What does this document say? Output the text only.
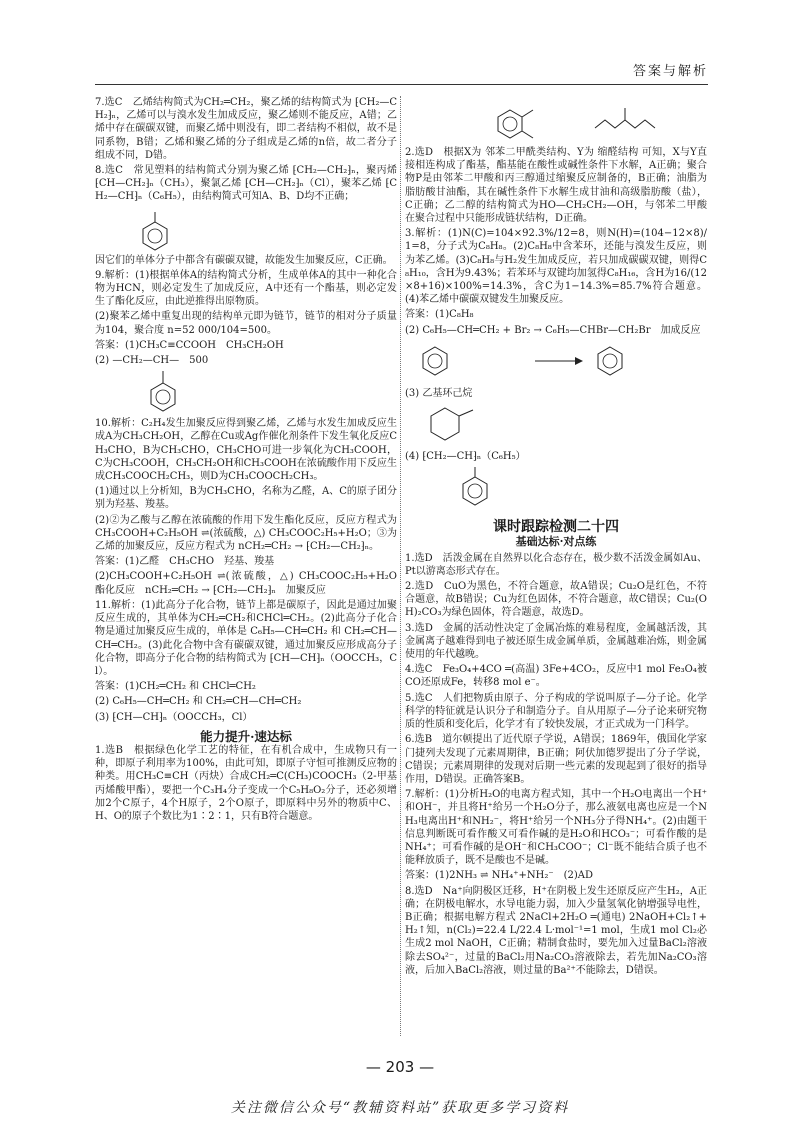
答案与解析

7.选C　乙烯结构简式为CH₂═CH₂，聚乙烯的结构简式为 ⁅CH₂—CH₂⁆ₙ，乙烯可以与溴水发生加成反应，聚乙烯则不能反应，A错；乙烯中存在碳碳双键，而聚乙烯中则没有，即二者结构不相似，故不是同系物，B错；乙烯和聚乙烯的分子组成是乙烯的n倍，故二者分子组成不同，D错。

8.选C　常见塑料的结构简式分别为聚乙烯 ⁅CH₂—CH₂⁆ₙ，聚丙烯 ⁅CH—CH₂⁆ₙ（CH₃），聚氯乙烯 ⁅CH—CH₂⁆ₙ（Cl），聚苯乙烯 ⁅CH₂—CH⁆ₙ（C₆H₅），由结构简式可知A、B、D均不正确；

因它们的单体分子中都含有碳碳双键，故能发生加聚反应，C正确。

9.解析：(1)根据单体A的结构简式分析，生成单体A的其中一种化合物为HCN，则必定发生了加成反应，A中还有一个酯基，则必定发生了酯化反应，由此逆推得出原物质。

(2)聚苯乙烯中重复出现的结构单元即为链节，链节的相对分子质量为104，聚合度 n=52 000/104=500。

答案：(1)CH₃C≡CCOOH　CH₃CH₂OH

(2) —CH₂—CH—　500

10.解析：C₂H₄发生加聚反应得到聚乙烯，乙烯与水发生加成反应生成A为CH₃CH₂OH，乙醇在Cu或Ag作催化剂条件下发生氧化反应CH₃CHO，B为CH₃CHO，CH₃CHO可进一步氧化为CH₃COOH，C为CH₃COOH，CH₃CH₂OH和CH₃COOH在浓硫酸作用下反应生成CH₃COOCH₂CH₃，则D为CH₃COOCH₂CH₃。

(1)通过以上分析知，B为CH₃CHO，名称为乙醛，A、C的原子团分别为羟基、羧基。

(2)②为乙酸与乙醇在浓硫酸的作用下发生酯化反应，反应方程式为 CH₃COOH+C₂H₅OH ⇌(浓硫酸，△) CH₃COOC₂H₅+H₂O；③为乙烯的加聚反应，反应方程式为 nCH₂═CH₂ → ⁅CH₂—CH₂⁆ₙ。

答案：(1)乙醛　CH₃CHO　羟基、羧基

(2)CH₃COOH+C₂H₅OH ⇌(浓硫酸，△) CH₃COOC₂H₅+H₂O　酯化反应　nCH₂═CH₂ → ⁅CH₂—CH₂⁆ₙ　加聚反应

11.解析：(1)此高分子化合物，链节上都是碳原子，因此是通过加聚反应生成的，其单体为CH₂═CH₂和CHCl═CH₂。(2)此高分子化合物是通过加聚反应生成的，单体是 C₆H₅—CH═CH₂ 和 CH₂═CH—CH═CH₂。(3)此化合物中含有碳碳双键，通过加聚反应形成高分子化合物，即高分子化合物的结构简式为 ⁅CH—CH⁆ₙ（OOCCH₃，Cl）。

答案：(1)CH₂═CH₂ 和 CHCl═CH₂

(2) C₆H₅—CH═CH₂ 和 CH₂═CH—CH═CH₂

(3) ⁅CH—CH⁆ₙ（OOCCH₃，Cl）

能力提升·速达标

1.选B　根据绿色化学工艺的特征，在有机合成中，生成物只有一种，即原子利用率为100%，由此可知，即原子守恒可推测反应物的种类。用CH₃C≡CH（丙炔）合成CH₂═C(CH₃)COOCH₃（2-甲基丙烯酸甲酯），要把一个C₃H₄分子变成一个C₅H₈O₂分子，还必须增加2个C原子，4个H原子，2个O原子，即原料中另外的物质中C、H、O的原子个数比为1∶2∶1，只有B符合题意。

2.选D　根据X为 邻苯二甲酰类结构、Y为 缩醛结构 可知，X与Y直接相连构成了酯基，酯基能在酸性或碱性条件下水解，A正确；聚合物P是由邻苯二甲酸和丙三醇通过缩聚反应制备的，B正确；油脂为脂肪酸甘油酯，其在碱性条件下水解生成甘油和高级脂肪酸（盐），C正确；乙二醇的结构简式为HO—CH₂CH₂—OH，与邻苯二甲酸在聚合过程中只能形成链状结构，D正确。

3.解析：(1)N(C)=104×92.3%/12=8，则N(H)=(104−12×8)/1=8，分子式为C₈H₈。(2)C₈H₈中含苯环，还能与溴发生反应，则为苯乙烯。(3)C₈H₈与H₂发生加成反应，若只加成碳碳双键，则得C₈H₁₀，含H为9.43%；若苯环与双键均加氢得C₈H₁₆，含H为16/(12×8+16)×100%=14.3%，含C为1−14.3%=85.7%符合题意。(4)苯乙烯中碳碳双键发生加聚反应。

答案：(1)C₈H₈

(2) C₆H₅—CH═CH₂ + Br₂ → C₆H₅—CHBr—CH₂Br　加成反应

(3) 乙基环己烷

(4) ⁅CH₂—CH⁆ₙ（C₆H₅）

课时跟踪检测二十四
基础达标·对点练

1.选D　活泼金属在自然界以化合态存在，极少数不活泼金属如Au、Pt以游离态形式存在。

2.选D　CuO为黑色，不符合题意，故A错误；Cu₂O是红色，不符合题意，故B错误；Cu为红色固体，不符合题意，故C错误；Cu₂(OH)₂CO₃为绿色固体，符合题意，故选D。

3.选D　金属的活动性决定了金属冶炼的难易程度，金属越活泼，其金属离子越难得到电子被还原生成金属单质，金属越难冶炼，则金属使用的年代越晚。

4.选C　Fe₃O₄+4CO ═(高温) 3Fe+4CO₂，反应中1 mol Fe₃O₄被CO还原成Fe，转移8 mol e⁻。

5.选C　人们把物质由原子、分子构成的学说叫原子—分子论。化学科学的特征就是认识分子和制造分子。自从用原子—分子论来研究物质的性质和变化后，化学才有了较快发展，才正式成为一门科学。

6.选B　道尔顿提出了近代原子学说，A错误；1869年，俄国化学家门捷列夫发现了元素周期律，B正确；阿伏加德罗提出了分子学说，C错误；元素周期律的发现对后期一些元素的发现起到了很好的指导作用，D错误。正确答案B。

7.解析：(1)分析H₂O的电离方程式知，其中一个H₂O电离出一个H⁺和OH⁻，并且将H⁺给另一个H₂O分子，那么液氨电离也应是一个NH₃电离出H⁺和NH₂⁻，将H⁺给另一个NH₃分子得NH₄⁺。(2)由题干信息判断既可看作酸又可看作碱的是H₂O和HCO₃⁻；可看作酸的是NH₄⁺；可看作碱的是OH⁻和CH₃COO⁻；Cl⁻既不能结合质子也不能释放质子，既不是酸也不是碱。

答案：(1)2NH₃ ⇌ NH₄⁺+NH₂⁻　(2)AD

8.选D　Na⁺向阴极区迁移，H⁺在阴极上发生还原反应产生H₂，A正确；在阴极电解水，水导电能力弱，加入少量氢氧化钠增强导电性，B正确；根据电解方程式 2NaCl+2H₂O ═(通电) 2NaOH+Cl₂↑+H₂↑知，n(Cl₂)=22.4 L/22.4 L·mol⁻¹=1 mol，生成1 mol Cl₂必生成2 mol NaOH，C正确；精制食盐时，要先加入过量BaCl₂溶液除去SO₄²⁻，过量的BaCl₂用Na₂CO₃溶液除去，若先加Na₂CO₃溶液，后加入BaCl₂溶液，则过量的Ba²⁺不能除去，D错误。

— 203 —
关注微信公众号“教辅资料站”获取更多学习资料
